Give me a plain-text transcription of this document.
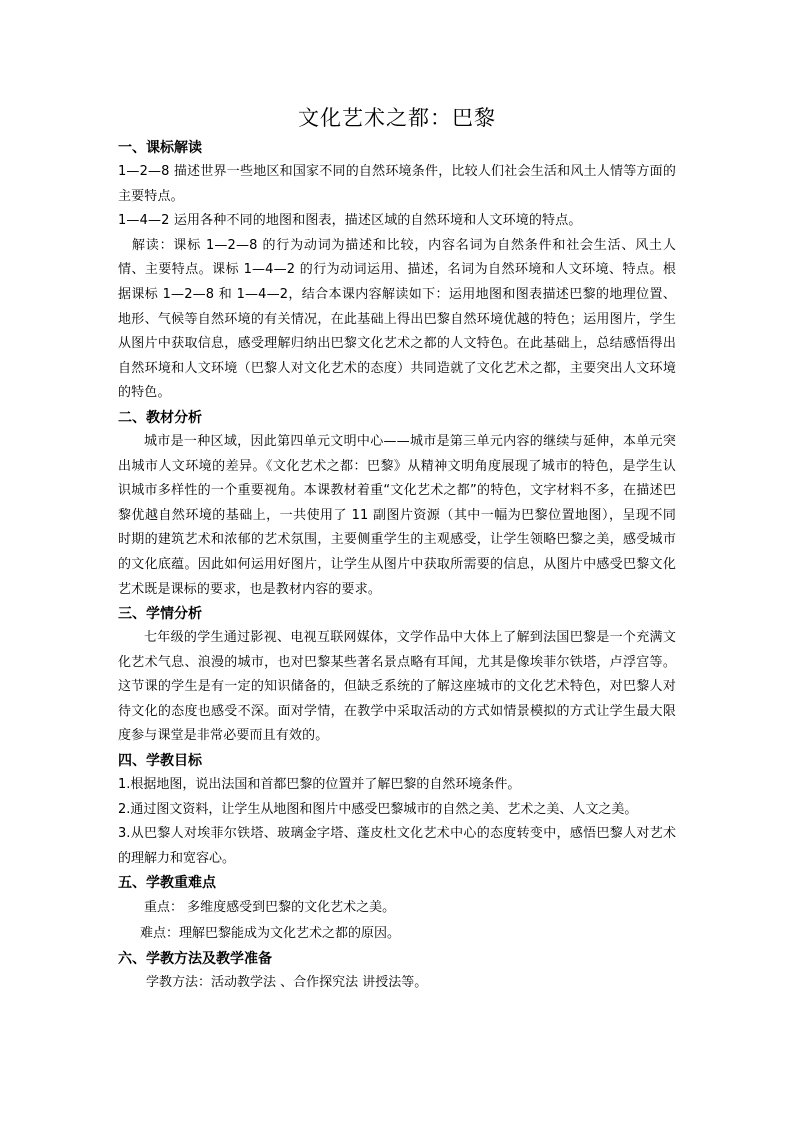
文化艺术之都：巴黎
一、课标解读

1—2—8 描述世界一些地区和国家不同的自然环境条件，比较人们社会生活和风土人情等方面的主要特点。

1—4—2 运用各种不同的地图和图表，描述区域的自然环境和人文环境的特点。

解读：课标 1—2—8 的行为动词为描述和比较，内容名词为自然条件和社会生活、风土人情、主要特点。课标 1—4—2 的行为动词运用、描述，名词为自然环境和人文环境、特点。根据课标 1—2—8 和 1—4—2，结合本课内容解读如下：运用地图和图表描述巴黎的地理位置、地形、气候等自然环境的有关情况，在此基础上得出巴黎自然环境优越的特色；运用图片，学生从图片中获取信息，感受理解归纳出巴黎文化艺术之都的人文特色。在此基础上，总结感悟得出自然环境和人文环境（巴黎人对文化艺术的态度）共同造就了文化艺术之都，主要突出人文环境的特色。

二、教材分析

城市是一种区域，因此第四单元文明中心——城市是第三单元内容的继续与延伸，本单元突出城市人文环境的差异。《文化艺术之都：巴黎》从精神文明角度展现了城市的特色，是学生认识城市多样性的一个重要视角。本课教材着重“文化艺术之都”的特色，文字材料不多，在描述巴黎优越自然环境的基础上，一共使用了 11 副图片资源（其中一幅为巴黎位置地图），呈现不同时期的建筑艺术和浓郁的艺术氛围，主要侧重学生的主观感受，让学生领略巴黎之美，感受城市的文化底蕴。因此如何运用好图片，让学生从图片中获取所需要的信息，从图片中感受巴黎文化艺术既是课标的要求，也是教材内容的要求。

三、学情分析

七年级的学生通过影视、电视互联网媒体，文学作品中大体上了解到法国巴黎是一个充满文化艺术气息、浪漫的城市，也对巴黎某些著名景点略有耳闻，尤其是像埃菲尔铁塔，卢浮宫等。这节课的学生是有一定的知识储备的，但缺乏系统的了解这座城市的文化艺术特色，对巴黎人对待文化的态度也感受不深。面对学情，在教学中采取活动的方式如情景模拟的方式让学生最大限度参与课堂是非常必要而且有效的。

四、学教目标

1.根据地图，说出法国和首都巴黎的位置并了解巴黎的自然环境条件。

2.通过图文资料，让学生从地图和图片中感受巴黎城市的自然之美、艺术之美、人文之美。

3.从巴黎人对埃菲尔铁塔、玻璃金字塔、蓬皮杜文化艺术中心的态度转变中，感悟巴黎人对艺术的理解力和宽容心。

五、学教重难点

重点： 多维度感受到巴黎的文化艺术之美。

难点：理解巴黎能成为文化艺术之都的原因。

六、学教方法及教学准备

学教方法：活动教学法 、合作探究法 讲授法等。
